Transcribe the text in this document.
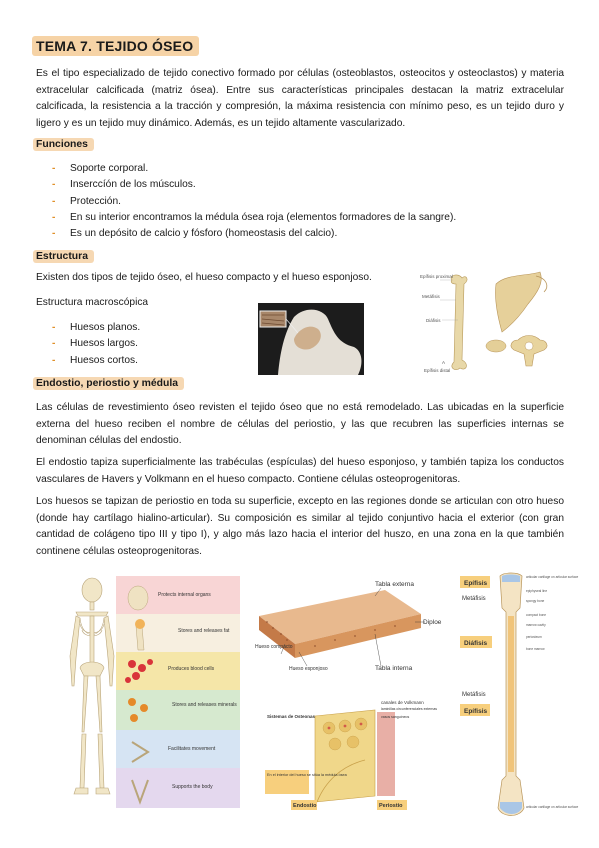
TEMA 7. TEJIDO ÓSEO
Es el tipo especializado de tejido conectivo formado por células (osteoblastos, osteocitos y osteoclastos) y materia extracelular calcificada (matriz ósea). Entre sus características principales destacan la matriz extracelular calcificada, la resistencia a la tracción y compresión, la máxima resistencia con mínimo peso, es un tejido duro y ligero y es un tejido muy dinámico. Además, es un tejido altamente vascularizado.
Funciones
- Soporte corporal.
- Inserccíón de los músculos.
- Protección.
- En su interior encontramos la médula ósea roja (elementos formadores de la sangre).
- Es un depósito de calcio y fósforo (homeostasis del calcio).
Estructura
Existen dos tipos de tejido óseo, el hueso compacto y el hueso esponjoso.
Estructura macroscópica
- Huesos planos.
- Huesos largos.
- Huesos cortos.
Epífisis proximal
Metáfisis
Diáfisis
Epífisis distal
A
Endostio, periostio y médula
Las células de revestimiento óseo revisten el tejido óseo que no está remodelado. Las ubicadas en la superficie externa del hueso reciben el nombre de células del periostio, y las que recubren las superficies internas se denominan células del endostio.
El endostio tapiza superficialmente las trabéculas (espículas) del hueso esponjoso, y también tapiza los conductos vasculares de Havers y Volkmann en el hueso compacto. Contiene células osteoprogenitoras.
Los huesos se tapizan de periostio en toda su superficie, excepto en las regiones donde se articulan con otro hueso (donde hay cartílago hialino-articular). Su composición es similar al tejido conjuntivo hacia el exterior (con gran cantidad de colágeno tipo III y tipo I), y algo más lazo hacia el interior del huszo, en una zona en la que también continene células osteoprogenitoras.
Protects internal organs
Stores and releases fat
Produces blood cells
Stores and releases minerals
Facilitates movement
Supports the body
Tabla externa
Diploe
Hueso compacto
Hueso esponjoso	Tabla interna
Sistemas de Osteonas
canales de Volkmann
laminillas circunferenciales externas
vasos sanguíneos
En el interior del hueso se sitúa la médula ósea
Endostio	Periostio
articular cartilage on articular surface
epiphyseal line
spongy bone
compact bone
marrow cavity
periosteum
bone marrow
articular cartilage on articular surface
Epífisis
Metáfisis
Diáfisis
Metáfisis
Epífisis
